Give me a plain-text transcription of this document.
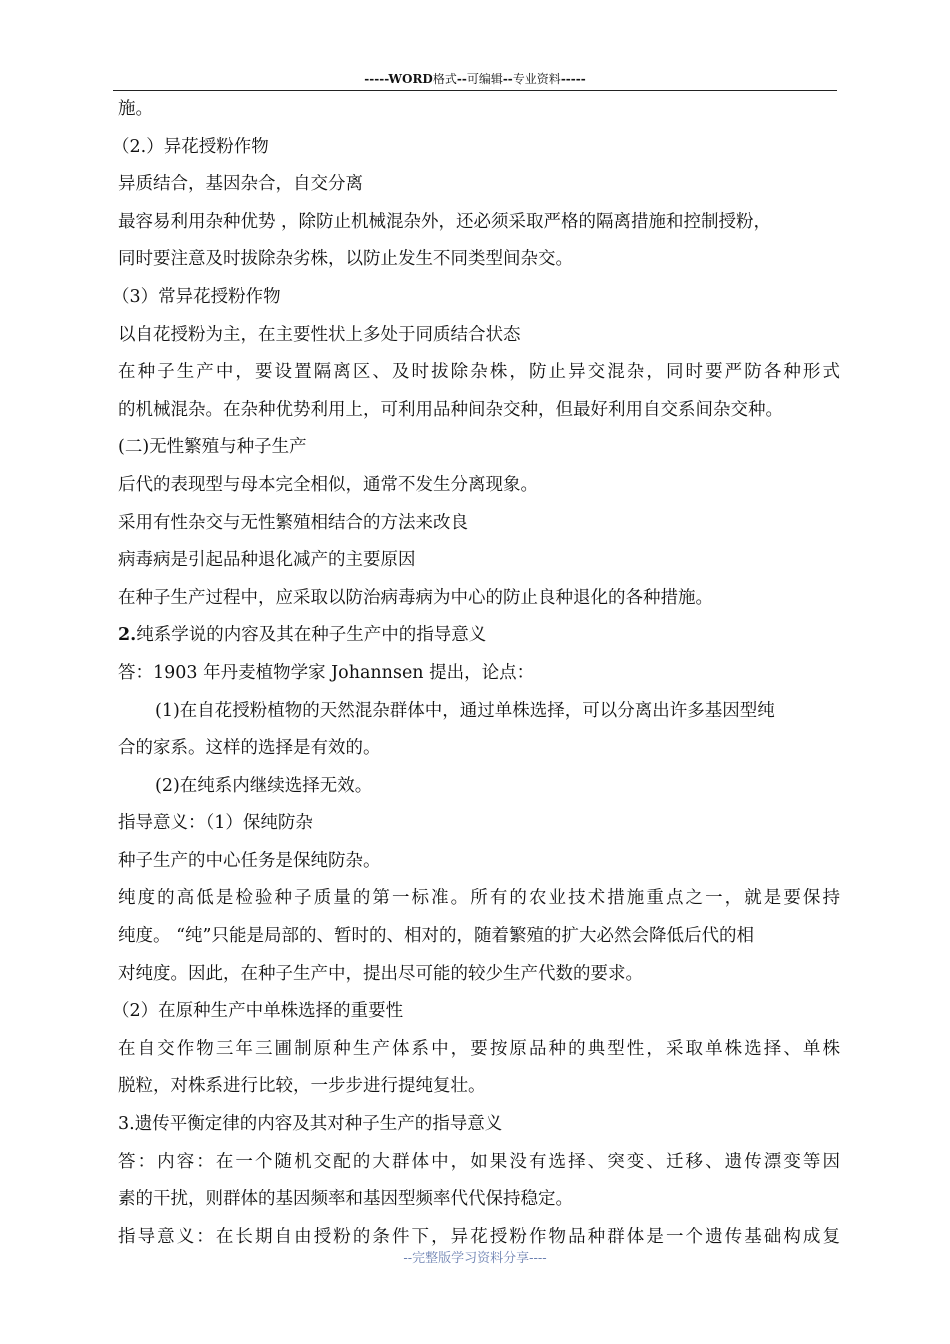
-----WORD格式--可编辑--专业资料-----
施。
（2.）异花授粉作物
异质结合，基因杂合，自交分离
最容易利用杂种优势 ，除防止机械混杂外，还必须采取严格的隔离措施和控制授粉，
同时要注意及时拔除杂劣株，以防止发生不同类型间杂交。
（3）常异花授粉作物
以自花授粉为主，在主要性状上多处于同质结合状态
在种子生产中，要设置隔离区、及时拔除杂株，防止异交混杂，同时要严防各种形式
的机械混杂。在杂种优势利用上，可利用品种间杂交种，但最好利用自交系间杂交种。
(二)无性繁殖与种子生产
后代的表现型与母本完全相似，通常不发生分离现象。
采用有性杂交与无性繁殖相结合的方法来改良
病毒病是引起品种退化减产的主要原因
在种子生产过程中，应采取以防治病毒病为中心的防止良种退化的各种措施。
2.纯系学说的内容及其在种子生产中的指导意义
答：1903 年丹麦植物学家 Johannsen 提出，论点：
(1)在自花授粉植物的天然混杂群体中，通过单株选择，可以分离出许多基因型纯
合的家系。这样的选择是有效的。
(2)在纯系内继续选择无效。
指导意义：（1）保纯防杂
种子生产的中心任务是保纯防杂。
纯度的高低是检验种子质量的第一标准。所有的农业技术措施重点之一，就是要保持
纯度。 “纯”只能是局部的、暂时的、相对的，随着繁殖的扩大必然会降低后代的相
对纯度。因此，在种子生产中，提出尽可能的较少生产代数的要求。
（2）在原种生产中单株选择的重要性
在自交作物三年三圃制原种生产体系中，要按原品种的典型性，采取单株选择、单株
脱粒，对株系进行比较，一步步进行提纯复壮。
3.遗传平衡定律的内容及其对种子生产的指导意义
答：内容：在一个随机交配的大群体中，如果没有选择、突变、迁移、遗传漂变等因
素的干扰，则群体的基因频率和基因型频率代代保持稳定。
指导意义：在长期自由授粉的条件下，异花授粉作物品种群体是一个遗传基础构成复
--完整版学习资料分享----
